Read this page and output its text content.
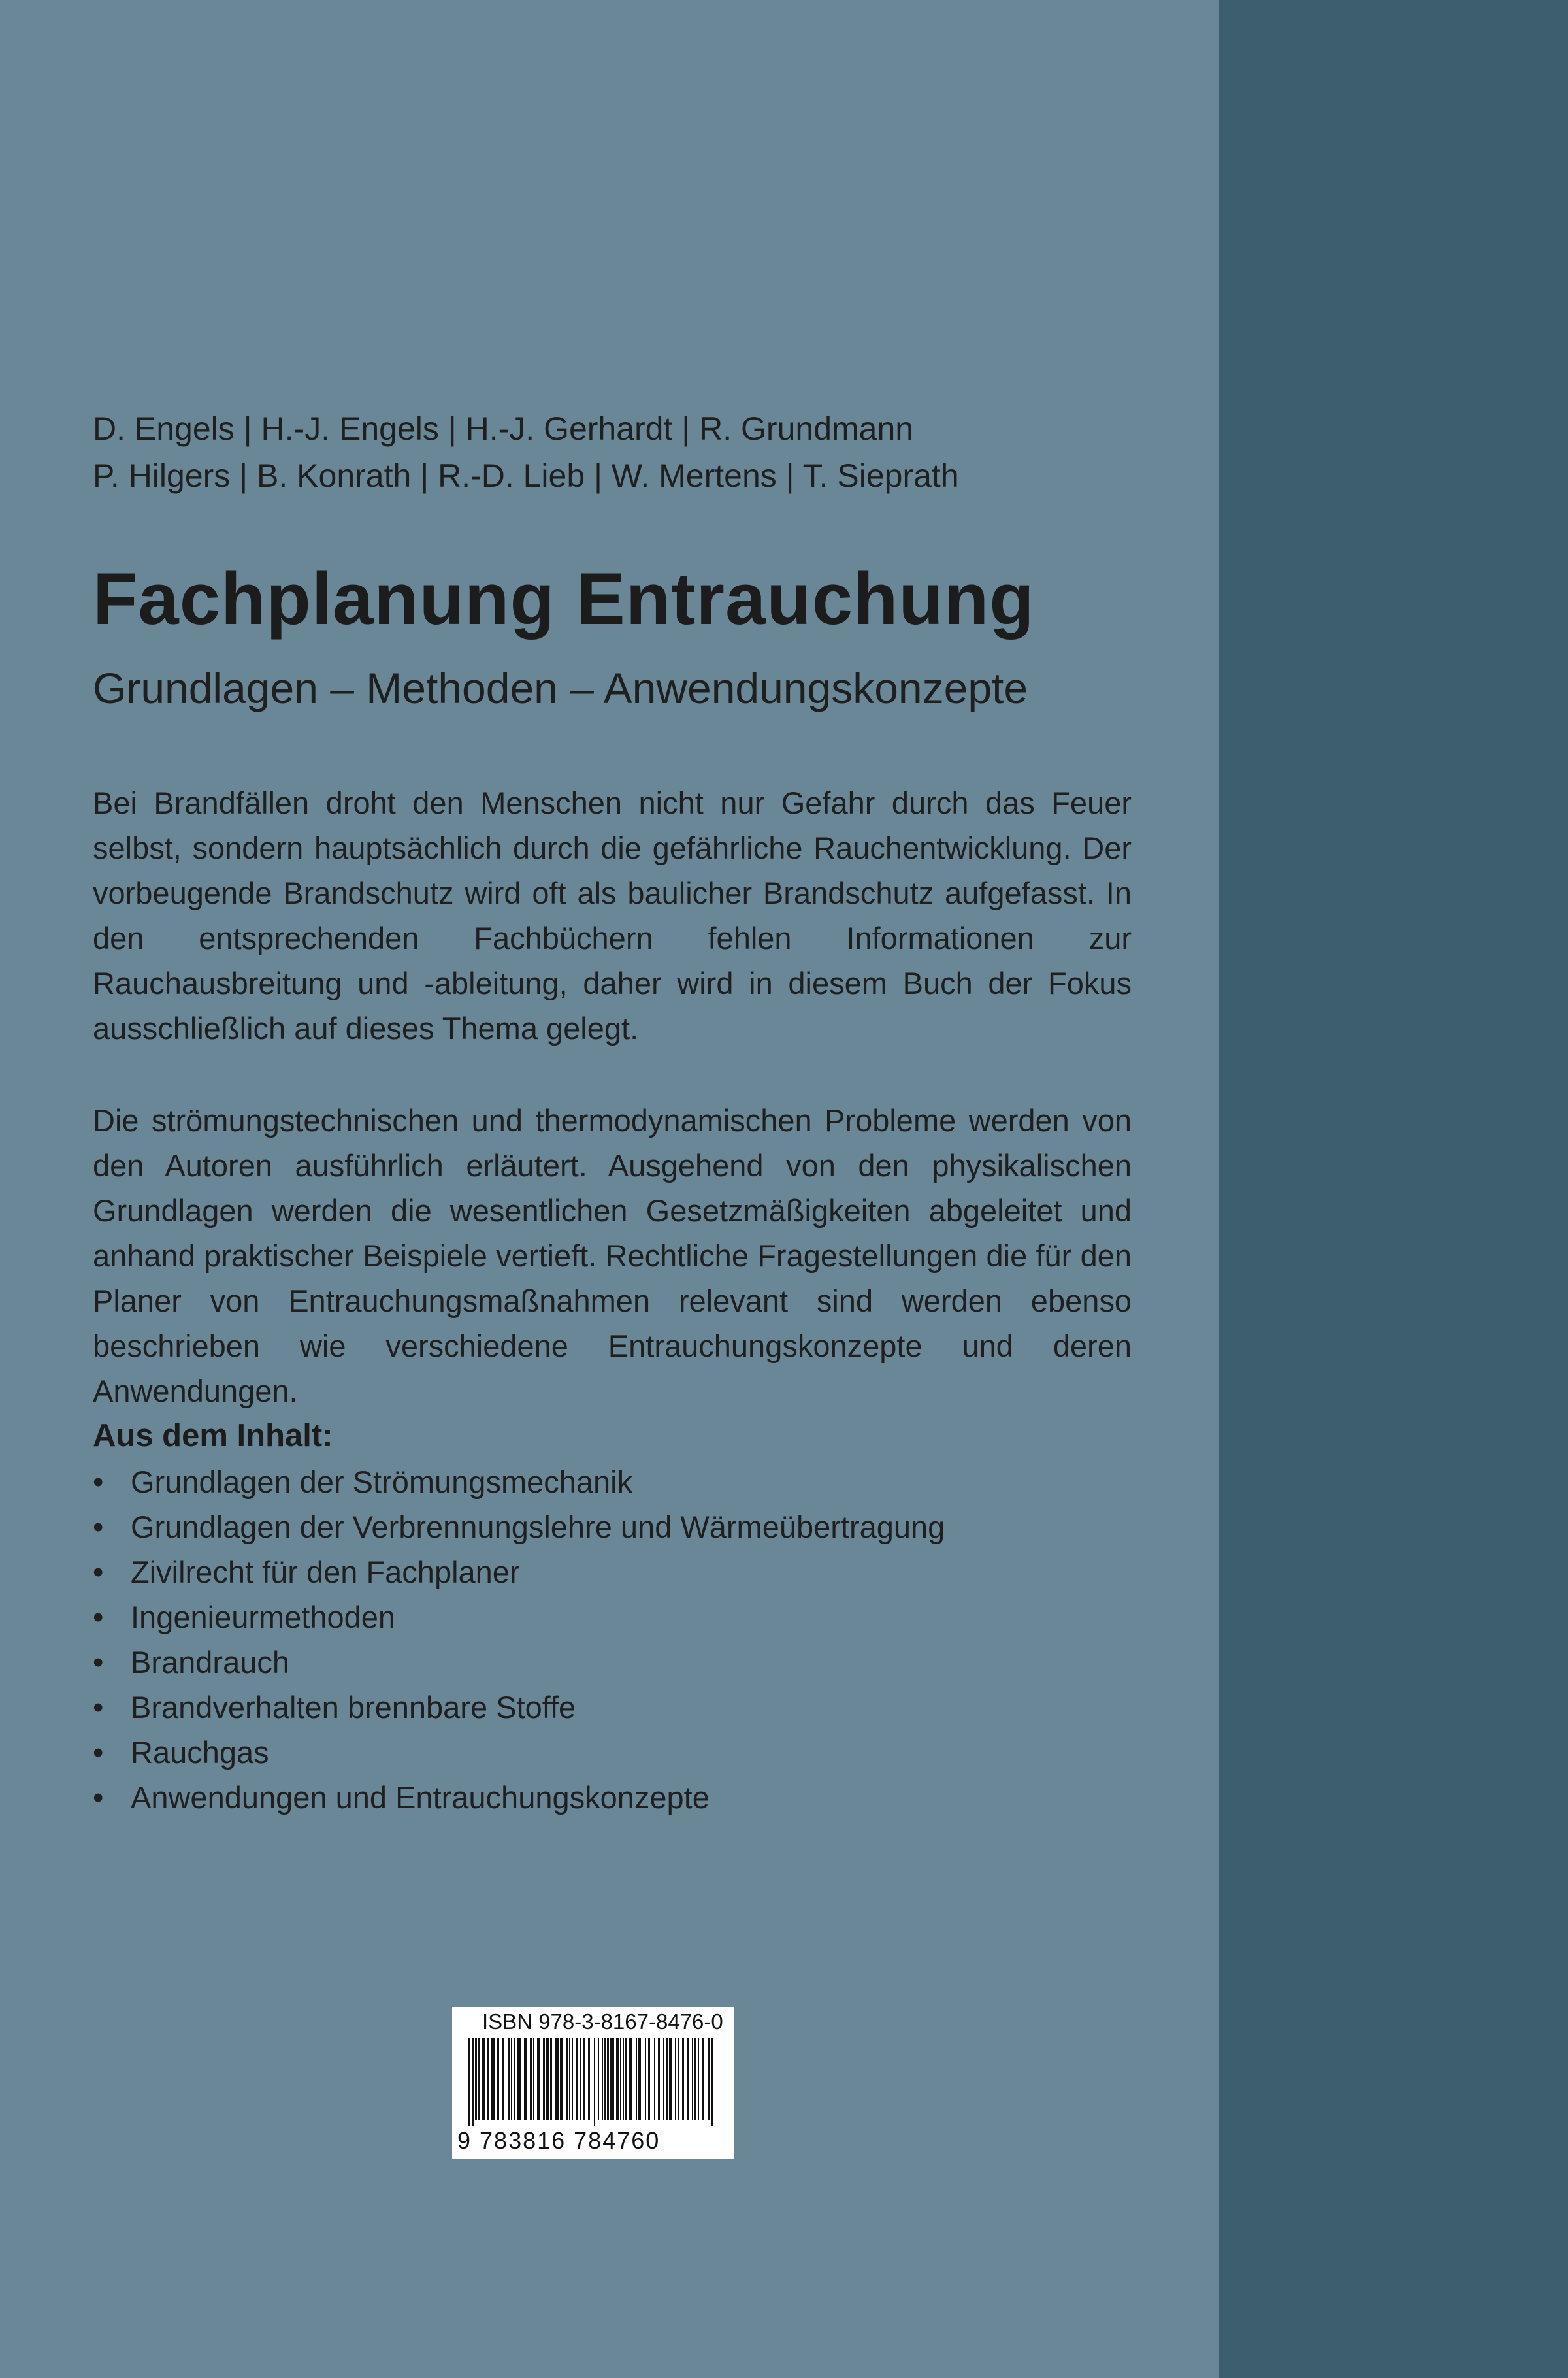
D. Engels | H.-J. Engels | H.-J. Gerhardt | R. Grundmann
P. Hilgers | B. Konrath | R.-D. Lieb | W. Mertens | T. Sieprath
Fachplanung Entrauchung
Grundlagen – Methoden – Anwendungskonzepte
Bei Brandfällen droht den Menschen nicht nur Gefahr durch das Feuer selbst, sondern hauptsächlich durch die gefährliche Rauchentwicklung. Der vorbeugende Brandschutz wird oft als baulicher Brandschutz aufgefasst. In den entsprechenden Fachbüchern fehlen Informationen zur Rauchausbreitung und -ableitung, daher wird in diesem Buch der Fokus ausschließlich auf dieses Thema gelegt.
Die strömungstechnischen und thermodynamischen Probleme werden von den Autoren ausführlich erläutert. Ausgehend von den physikalischen Grundlagen werden die wesentlichen Gesetzmäßigkeiten abgeleitet und anhand praktischer Beispiele vertieft. Rechtliche Fragestellungen die für den Planer von Entrauchungsmaßnahmen relevant sind werden ebenso beschrieben wie verschiedene Entrauchungskonzepte und deren Anwendungen.
Aus dem Inhalt:
• Grundlagen der Strömungsmechanik
• Grundlagen der Verbrennungslehre und Wärmeübertragung
• Zivilrecht für den Fachplaner
• Ingenieurmethoden
• Brandrauch
• Brandverhalten brennbare Stoffe
• Rauchgas
• Anwendungen und Entrauchungskonzepte
ISBN 978-3-8167-8476-0
9 783816 784760
